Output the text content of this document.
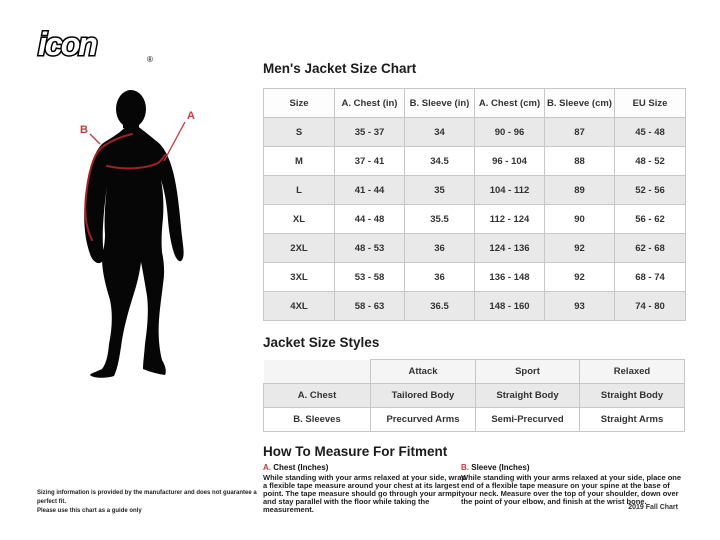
icon	®
A
B
Men's Jacket Size Chart
Size	A. Chest (in)	B. Sleeve (in)	A. Chest (cm)	B. Sleeve (cm)	EU Size
S	35 - 37	34	90 - 96	87	45 - 48
M	37 - 41	34.5	96 - 104	88	48 - 52
L	41 - 44	35	104 - 112	89	52 - 56
XL	44 - 48	35.5	112 - 124	90	56 - 62
2XL	48 - 53	36	124 - 136	92	62 - 68
3XL	53 - 58	36	136 - 148	92	68 - 74
4XL	58 - 63	36.5	148 - 160	93	74 - 80
Jacket Size Styles
	Attack	Sport	Relaxed
A. Chest	Tailored Body	Straight Body	Straight Body
B. Sleeves	Precurved Arms	Semi-Precurved	Straight Arms
How To Measure For Fitment
A. Chest (Inches)

While standing with your arms relaxed at your side, wrap a flexible tape measure around your chest at its largest point. The tape measure should go through your armpit and stay parallel with the floor while taking the measurement.

B. Sleeve (Inches)

While standing with your arms relaxed at your side, place one end of a flexible tape measure on your spine at the base of your neck. Measure over the top of your shoulder, down over the point of your elbow, and finish at the wrist bone.

Sizing information is provided by the manufacturer and does not guarantee a perfect fit.
Please use this chart as a guide only	2019 Fall Chart
